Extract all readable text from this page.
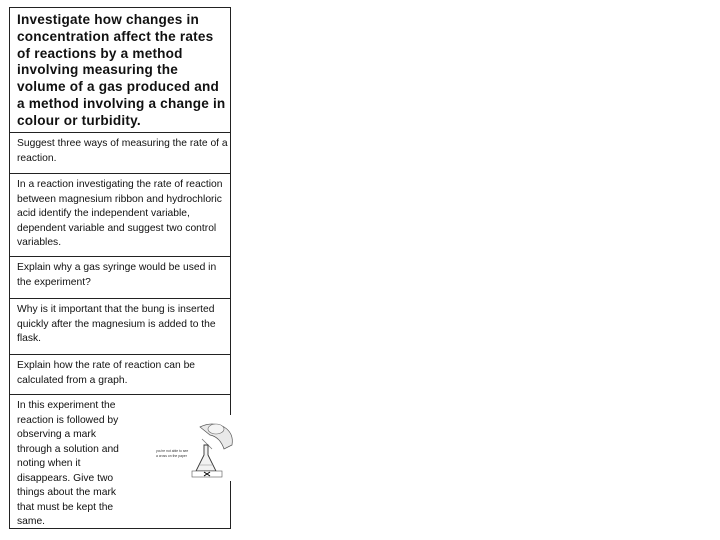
Investigate how changes in concentration affect the rates of reactions by a method involving measuring the volume of a gas produced and a method involving a change in colour or turbidity.
Suggest three ways of measuring the rate of a reaction.
In a reaction investigating the rate of reaction between magnesium ribbon and hydrochloric acid identify the independent variable, dependent variable and suggest two control variables.
Explain why a gas syringe would be used in the experiment?
Why is it important that the bung is inserted quickly after the magnesium is added to the flask.
Explain how the rate of reaction can be calculated from a graph.
In this experiment the reaction is followed by observing a mark through a solution and noting when it disappears. Give two things about the mark that must be kept the same.
you're not able to see
a cross on the paper
